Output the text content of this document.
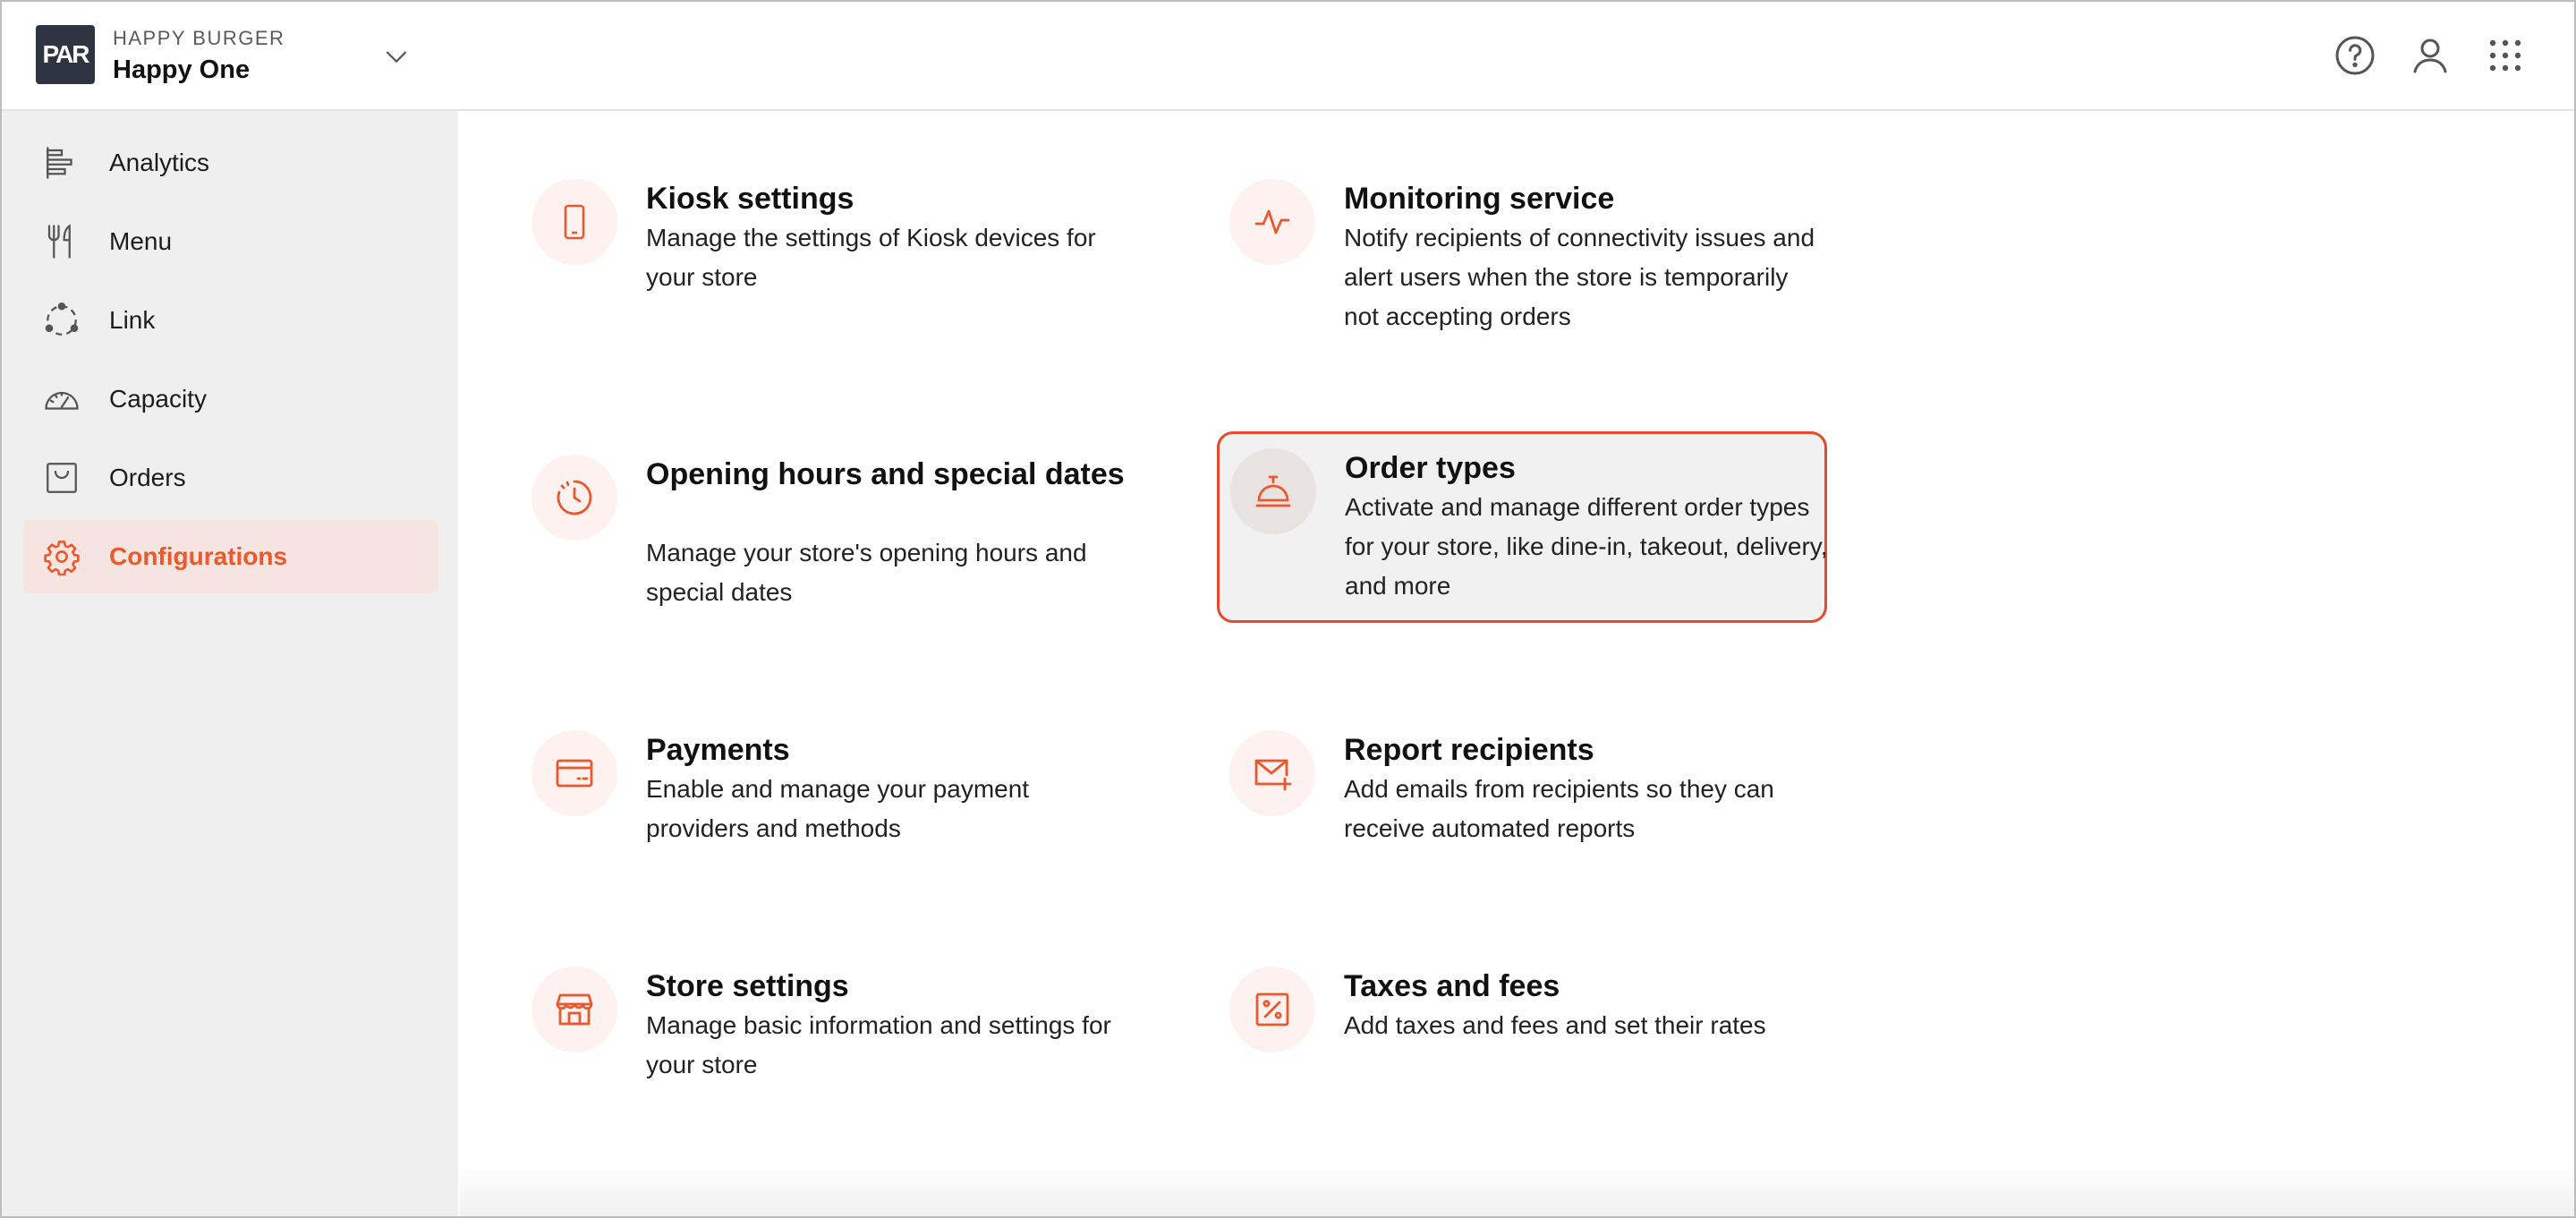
PAR
HAPPY BURGER
Happy One
Analytics
Menu
Link
Capacity
Orders
Configurations
Kiosk settings
Manage the settings of Kiosk devices for your store
Monitoring service
Notify recipients of connectivity issues and alert users when the store is temporarily not accepting orders
Opening hours and special dates
Manage your store's opening hours and special dates
Order types
Activate and manage different order types for your store, like dine-in, takeout, delivery, and more
Payments
Enable and manage your payment providers and methods
Report recipients
Add emails from recipients so they can receive automated reports
Store settings
Manage basic information and settings for your store
Taxes and fees
Add taxes and fees and set their rates
